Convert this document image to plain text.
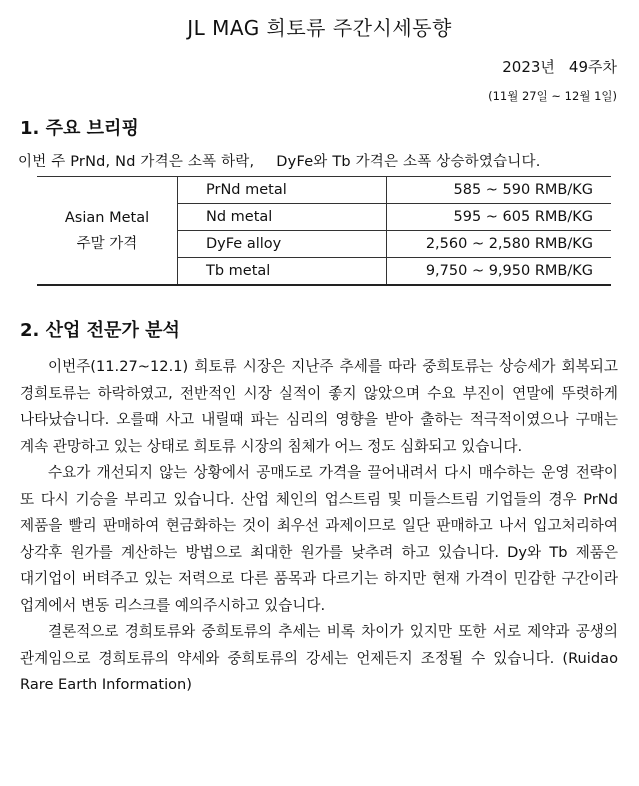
JL MAG 희토류 주간시세동향
2023년 49주차
(11월 27일 ~ 12월 1일)
1. 주요 브리핑
이번 주 PrNd, Nd 가격은 소폭 하락, DyFe와 Tb 가격은 소폭 상승하였습니다.
Asian Metal
주말 가격	PrNd metal	585 ~ 590 RMB/KG
	Nd metal	595 ~ 605 RMB/KG
	DyFe alloy	2,560 ~ 2,580 RMB/KG
	Tb metal	9,750 ~ 9,950 RMB/KG
2. 산업 전문가 분석

이번주(11.27~12.1) 희토류 시장은 지난주 추세를 따라 중희토류는 상승세가 회복되고 경희토류는 하락하였고, 전반적인 시장 실적이 좋지 않았으며 수요 부진이 연말에 뚜렷하게 나타났습니다. 오를때 사고 내릴때 파는 심리의 영향을 받아 출하는 적극적이였으나 구매는 계속 관망하고 있는 상태로 희토류 시장의 침체가 어느 정도 심화되고 있습니다.

수요가 개선되지 않는 상황에서 공매도로 가격을 끌어내려서 다시 매수하는 운영 전략이 또 다시 기승을 부리고 있습니다. 산업 체인의 업스트림 및 미들스트림 기업들의 경우 PrNd 제품을 빨리 판매하여 현금화하는 것이 최우선 과제이므로 일단 판매하고 나서 입고처리하여 상각후 원가를 계산하는 방법으로 최대한 원가를 낮추려 하고 있습니다. Dy와 Tb 제품은 대기업이 버텨주고 있는 저력으로 다른 품목과 다르기는 하지만 현재 가격이 민감한 구간이라 업계에서 변동 리스크를 예의주시하고 있습니다.

결론적으로 경희토류와 중희토류의 추세는 비록 차이가 있지만 또한 서로 제약과 공생의 관계임으로 경희토류의 약세와 중희토류의 강세는 언제든지 조정될 수 있습니다. (Ruidao Rare Earth Information)
